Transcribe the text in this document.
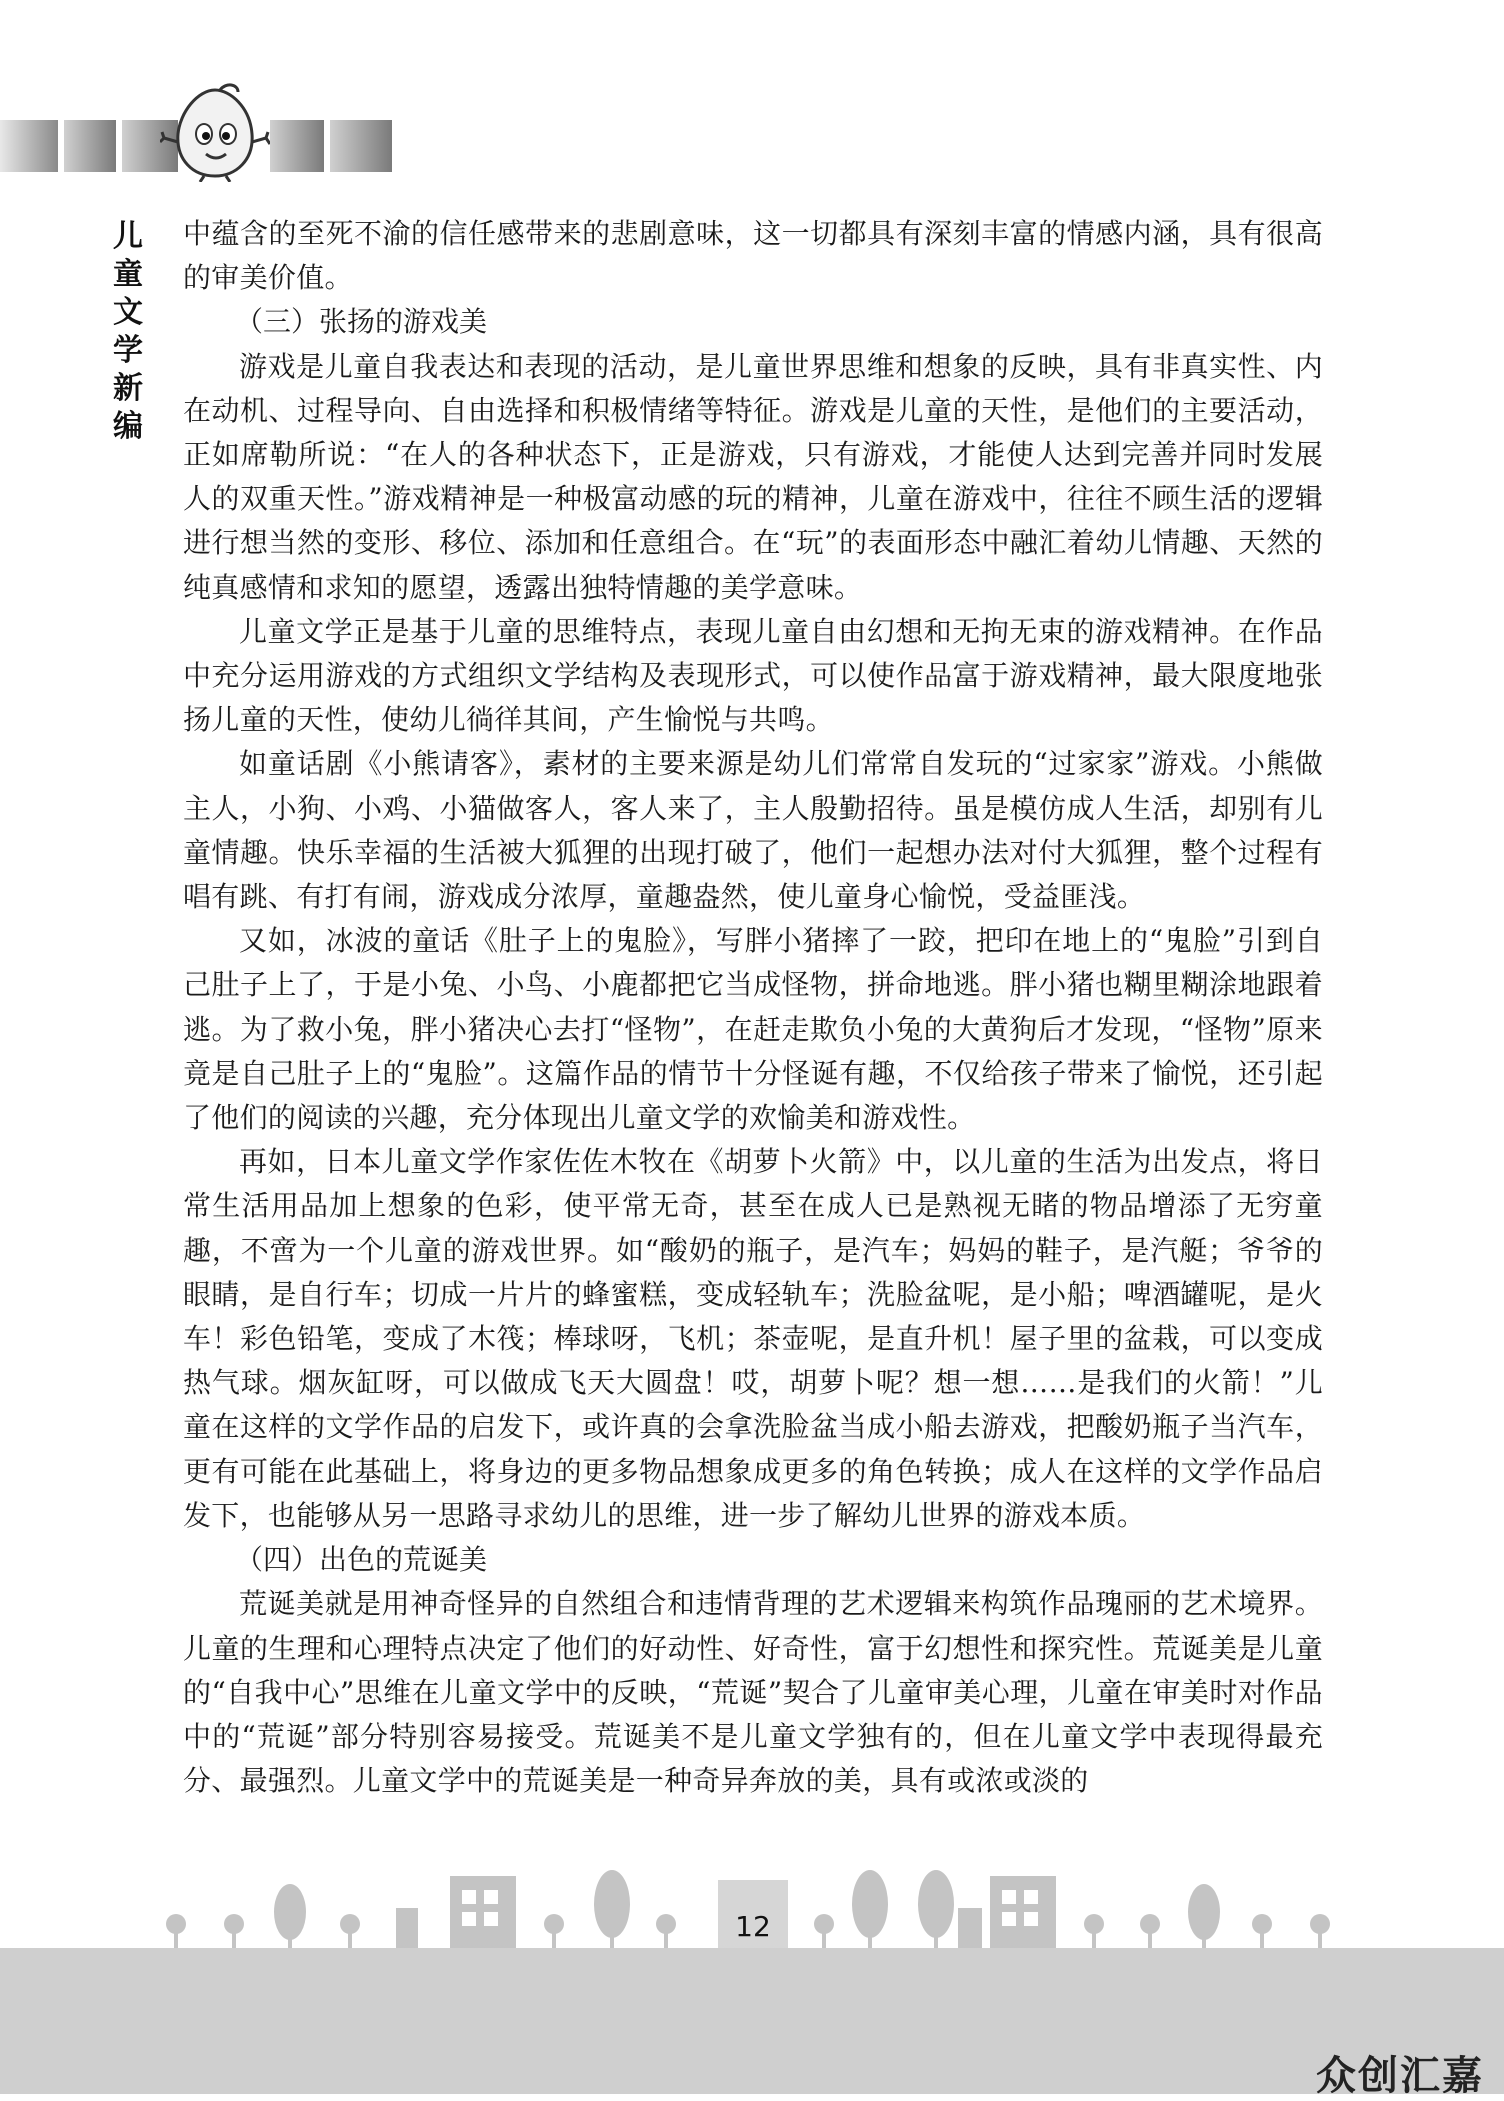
儿
童
文
学
新
编

中蕴含的至死不渝的信任感带来的悲剧意味，这一切都具有深刻丰富的情感内涵，具有很高的审美价值。

（三）张扬的游戏美

游戏是儿童自我表达和表现的活动，是儿童世界思维和想象的反映，具有非真实性、内在动机、过程导向、自由选择和积极情绪等特征。游戏是儿童的天性，是他们的主要活动，正如席勒所说：“在人的各种状态下，正是游戏，只有游戏，才能使人达到完善并同时发展人的双重天性。”游戏精神是一种极富动感的玩的精神，儿童在游戏中，往往不顾生活的逻辑进行想当然的变形、移位、添加和任意组合。在“玩”的表面形态中融汇着幼儿情趣、天然的纯真感情和求知的愿望，透露出独特情趣的美学意味。

儿童文学正是基于儿童的思维特点，表现儿童自由幻想和无拘无束的游戏精神。在作品中充分运用游戏的方式组织文学结构及表现形式，可以使作品富于游戏精神，最大限度地张扬儿童的天性，使幼儿徜徉其间，产生愉悦与共鸣。

如童话剧《小熊请客》，素材的主要来源是幼儿们常常自发玩的“过家家”游戏。小熊做主人，小狗、小鸡、小猫做客人，客人来了，主人殷勤招待。虽是模仿成人生活，却别有儿童情趣。快乐幸福的生活被大狐狸的出现打破了，他们一起想办法对付大狐狸，整个过程有唱有跳、有打有闹，游戏成分浓厚，童趣盎然，使儿童身心愉悦，受益匪浅。

又如，冰波的童话《肚子上的鬼脸》，写胖小猪摔了一跤，把印在地上的“鬼脸”引到自己肚子上了，于是小兔、小鸟、小鹿都把它当成怪物，拼命地逃。胖小猪也糊里糊涂地跟着逃。为了救小兔，胖小猪决心去打“怪物”，在赶走欺负小兔的大黄狗后才发现，“怪物”原来竟是自己肚子上的“鬼脸”。这篇作品的情节十分怪诞有趣，不仅给孩子带来了愉悦，还引起了他们的阅读的兴趣，充分体现出儿童文学的欢愉美和游戏性。

再如，日本儿童文学作家佐佐木牧在《胡萝卜火箭》中，以儿童的生活为出发点，将日常生活用品加上想象的色彩，使平常无奇，甚至在成人已是熟视无睹的物品增添了无穷童趣，不啻为一个儿童的游戏世界。如“酸奶的瓶子，是汽车；妈妈的鞋子，是汽艇；爷爷的眼睛，是自行车；切成一片片的蜂蜜糕，变成轻轨车；洗脸盆呢，是小船；啤酒罐呢，是火车！彩色铅笔，变成了木筏；棒球呀，飞机；茶壶呢，是直升机！屋子里的盆栽，可以变成热气球。烟灰缸呀，可以做成飞天大圆盘！哎，胡萝卜呢？想一想……是我们的火箭！”儿童在这样的文学作品的启发下，或许真的会拿洗脸盆当成小船去游戏，把酸奶瓶子当汽车，更有可能在此基础上，将身边的更多物品想象成更多的角色转换；成人在这样的文学作品启发下，也能够从另一思路寻求幼儿的思维，进一步了解幼儿世界的游戏本质。

（四）出色的荒诞美

荒诞美就是用神奇怪异的自然组合和违情背理的艺术逻辑来构筑作品瑰丽的艺术境界。儿童的生理和心理特点决定了他们的好动性、好奇性，富于幻想性和探究性。荒诞美是儿童的“自我中心”思维在儿童文学中的反映，“荒诞”契合了儿童审美心理，儿童在审美时对作品中的“荒诞”部分特别容易接受。荒诞美不是儿童文学独有的，但在儿童文学中表现得最充分、最强烈。儿童文学中的荒诞美是一种奇异奔放的美，具有或浓或淡的

12
众创汇嘉
